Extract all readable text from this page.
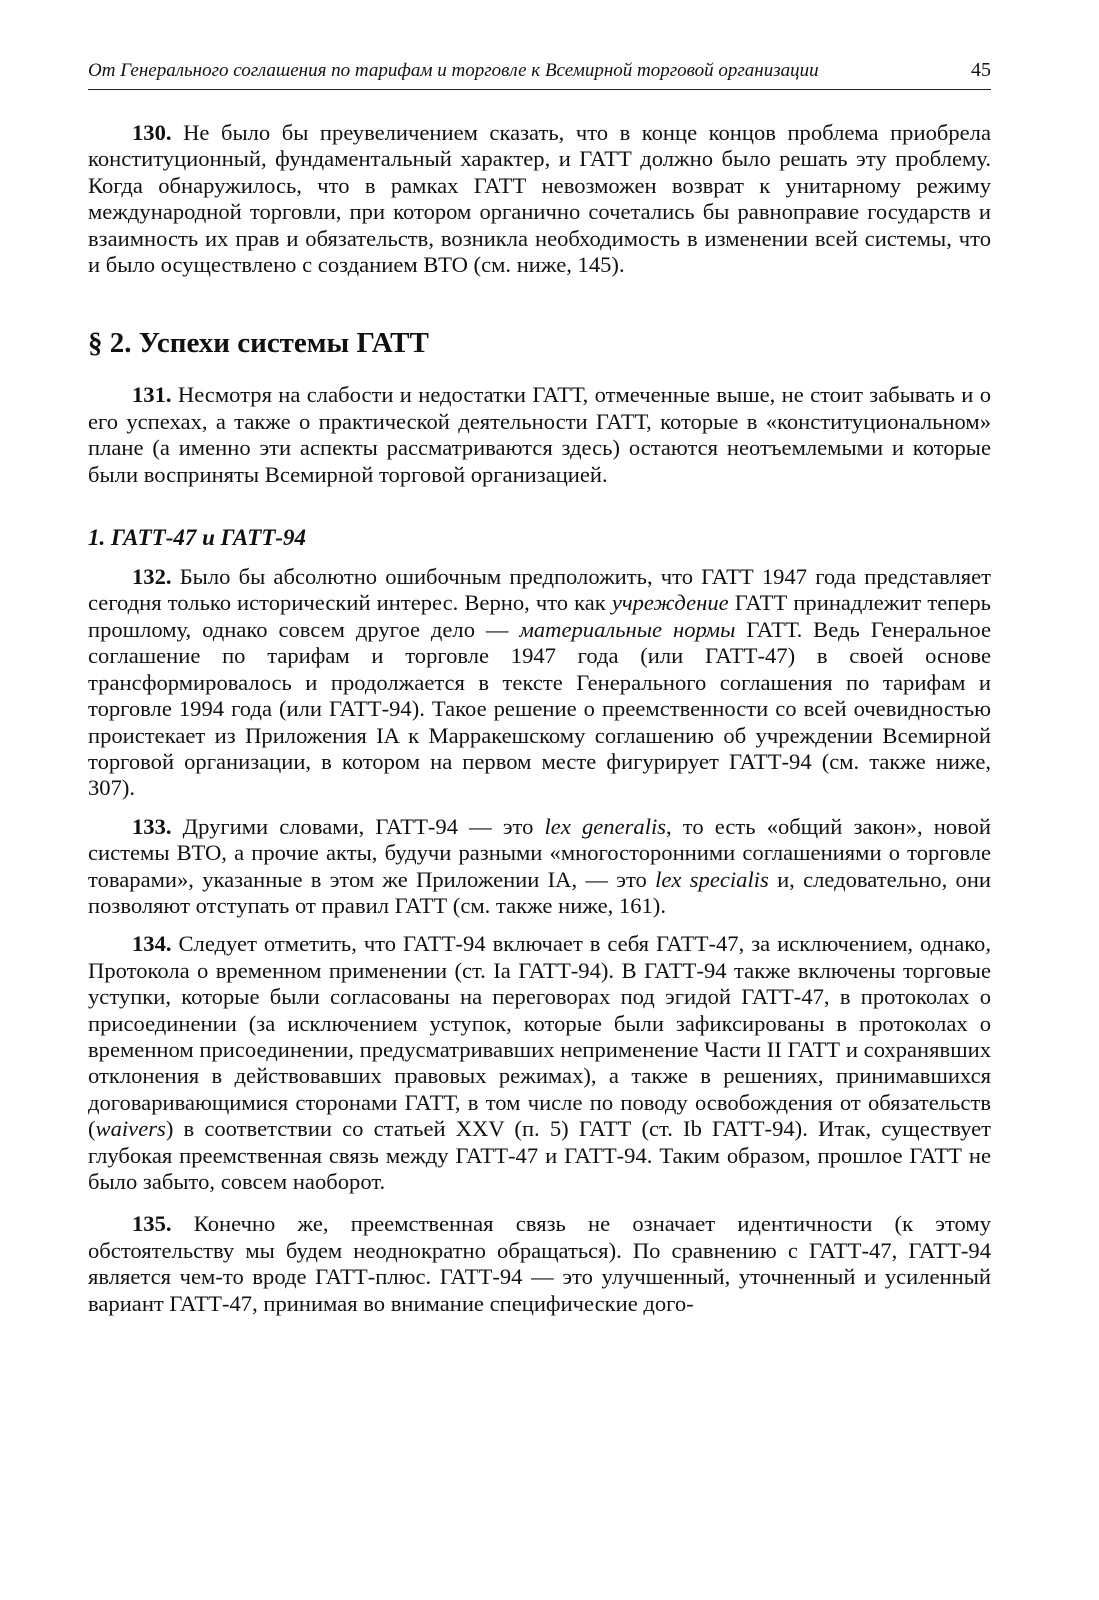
От Генерального соглашения по тарифам и торговле к Всемирной торговой организации	45

130. Не было бы преувеличением сказать, что в конце концов проблема приобрела конституционный, фундаментальный характер, и ГАТТ должно было решать эту проблему. Когда обнаружилось, что в рамках ГАТТ невозможен возврат к унитарному режиму международной торговли, при котором органично сочетались бы равноправие государств и взаимность их прав и обязательств, возникла необходимость в изменении всей системы, что и было осуществлено с созданием ВТО (см. ниже, 145).

§ 2. Успехи системы ГАТТ

131. Несмотря на слабости и недостатки ГАТТ, отмеченные выше, не стоит забывать и о его успехах, а также о практической деятельности ГАТТ, которые в «конституциональном» плане (а именно эти аспекты рассматриваются здесь) остаются неотъемлемыми и которые были восприняты Всемирной торговой организацией.

1. ГАТТ-47 и ГАТТ-94

132. Было бы абсолютно ошибочным предположить, что ГАТТ 1947 года представляет сегодня только исторический интерес. Верно, что как учреждение ГАТТ принадлежит теперь прошлому, однако совсем другое дело — материальные нормы ГАТТ. Ведь Генеральное соглашение по тарифам и торговле 1947 года (или ГАТТ-47) в своей основе трансформировалось и продолжается в тексте Генерального соглашения по тарифам и торговле 1994 года (или ГАТТ-94). Такое решение о преемственности со всей очевидностью проистекает из Приложения IA к Марракешскому соглашению об учреждении Всемирной торговой организации, в котором на первом месте фигурирует ГАТТ-94 (см. также ниже, 307).

133. Другими словами, ГАТТ-94 — это lex generalis, то есть «общий закон», новой системы ВТО, а прочие акты, будучи разными «многосторонними соглашениями о торговле товарами», указанные в этом же Приложении IA, — это lex specialis и, следовательно, они позволяют отступать от правил ГАТТ (см. также ниже, 161).

134. Следует отметить, что ГАТТ-94 включает в себя ГАТТ-47, за исключением, однако, Протокола о временном применении (ст. Ia ГАТТ-94). В ГАТТ-94 также включены торговые уступки, которые были согласованы на переговорах под эгидой ГАТТ-47, в протоколах о присоединении (за исключением уступок, которые были зафиксированы в протоколах о временном присоединении, предусматривавших неприменение Части II ГАТТ и сохранявших отклонения в действовавших правовых режимах), а также в решениях, принимавшихся договаривающимися сторонами ГАТТ, в том числе по поводу освобождения от обязательств (waivers) в соответствии со статьей XXV (п. 5) ГАТТ (ст. Ib ГАТТ-94). Итак, существует глубокая преемственная связь между ГАТТ-47 и ГАТТ-94. Таким образом, прошлое ГАТТ не было забыто, совсем наоборот.

135. Конечно же, преемственная связь не означает идентичности (к этому обстоятельству мы будем неоднократно обращаться). По сравнению с ГАТТ-47, ГАТТ-94 является чем-то вроде ГАТТ-плюс. ГАТТ-94 — это улучшенный, уточненный и усиленный вариант ГАТТ-47, принимая во внимание специфические дого-
